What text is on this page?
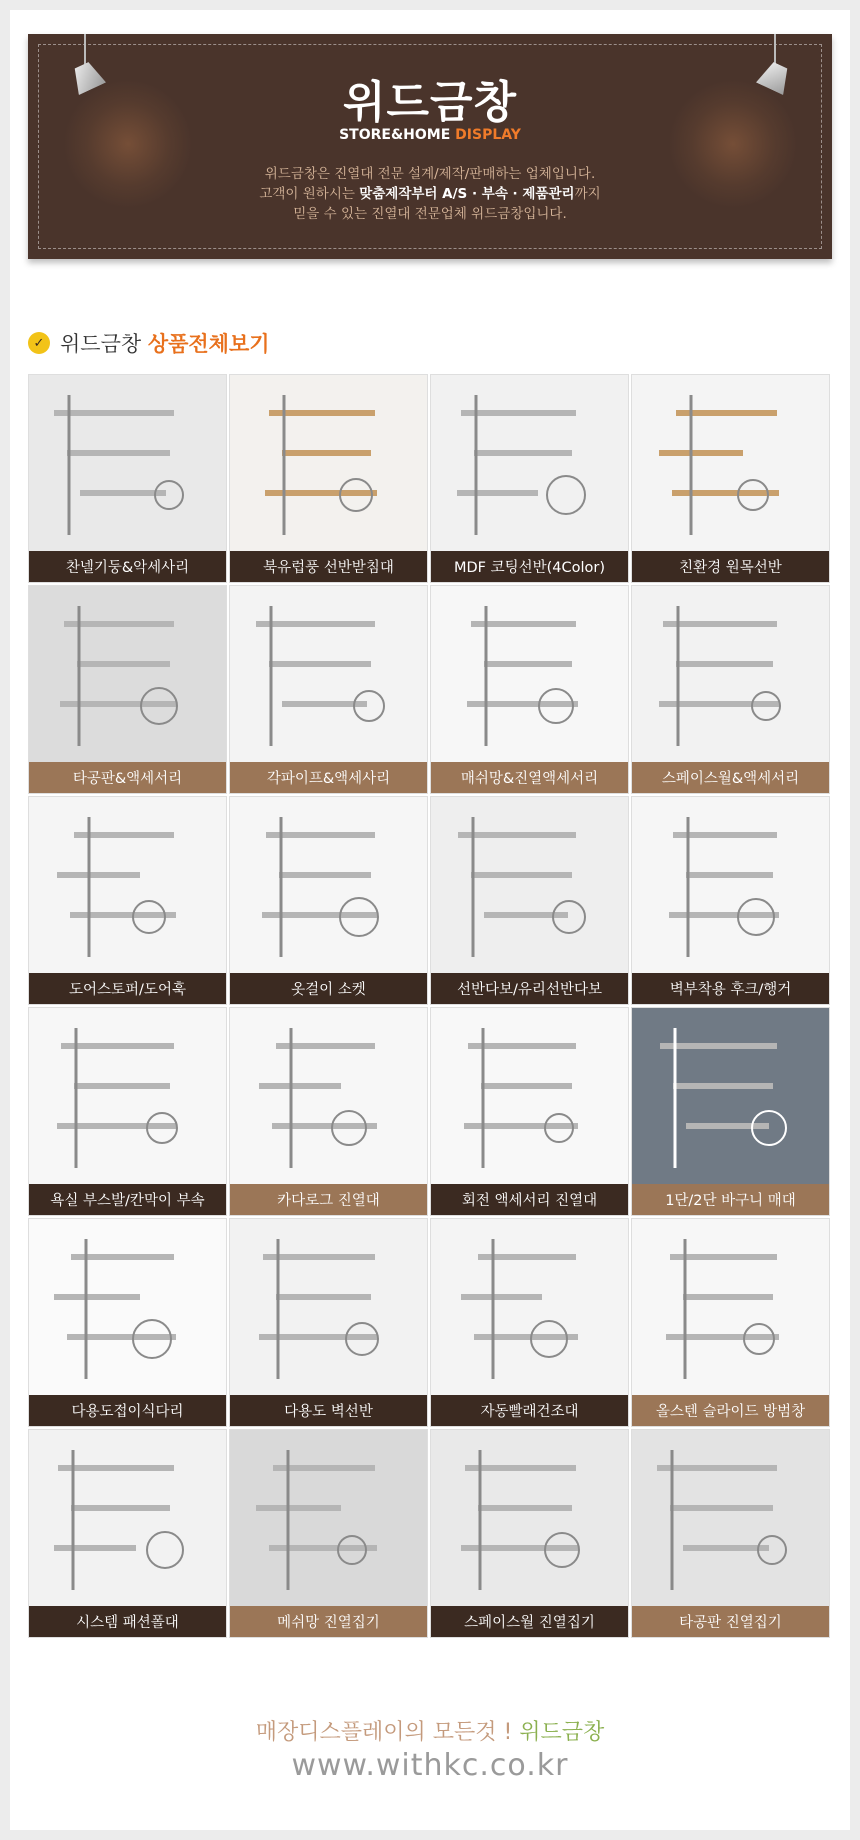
위드금창
STORE&HOME DISPLAY
위드금창은 진열대 전문 설계/제작/판매하는 업체입니다.
고객이 원하시는 맞춤제작부터 A/S · 부속 · 제품관리까지
믿을 수 있는 진열대 전문업체 위드금창입니다.
✓ 위드금창 상품전체보기
찬넬기둥&악세사리	북유럽풍 선반받침대	MDF 코팅선반(4Color)	친환경 원목선반
타공판&액세서리	각파이프&액세사리	매쉬망&진열액세서리	스페이스월&액세서리
도어스토퍼/도어훅	옷걸이 소켓	선반다보/유리선반다보	벽부착용 후크/행거
욕실 부스발/칸막이 부속	카다로그 진열대	회전 액세서리 진열대	1단/2단 바구니 매대
다용도접이식다리	다용도 벽선반	자동빨래건조대	올스텐 슬라이드 방범창
시스템 패션폴대	메쉬망 진열집기	스페이스월 진열집기	타공판 진열집기
매장디스플레이의 모든것 ! 위드금창
www.withkc.co.kr
